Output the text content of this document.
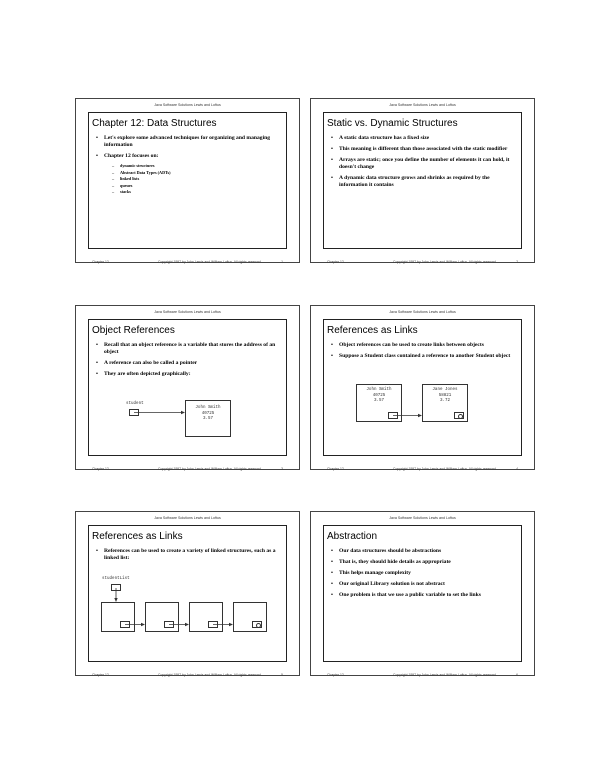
Java Software Solutions Lewis and Loftus
Chapter 12: Data Structures
• Let's explore some advanced techniques for organizing and managing information
• Chapter 12 focuses on:
– dynamic structures
– Abstract Data Types (ADTs)
– linked lists
– queues
– stacks
Chapter 12	Copyright 1997 by John Lewis and William Loftus. All rights reserved.	1
Java Software Solutions Lewis and Loftus
Static vs. Dynamic Structures
• A static data structure has a fixed size
• This meaning is different than those associated with the static modifier
• Arrays are static; once you define the number of elements it can hold, it doesn't change
• A dynamic data structure grows and shrinks as required by the information it contains
Chapter 12	Copyright 1997 by John Lewis and William Loftus. All rights reserved.	2
Java Software Solutions Lewis and Loftus
Object References
• Recall that an object reference is a variable that stores the address of an object
• A reference can also be called a pointer
• They are often depicted graphically:
student
John Smith
40725
3.57
Chapter 12	Copyright 1997 by John Lewis and William Loftus. All rights reserved.	3
Java Software Solutions Lewis and Loftus
References as Links
• Object references can be used to create links between objects
• Suppose a Student class contained a reference to another Student object
John Smith
40725
3.57
Jane Jones
58821
3.72
Chapter 12	Copyright 1997 by John Lewis and William Loftus. All rights reserved.	4
Java Software Solutions Lewis and Loftus
References as Links
• References can be used to create a variety of linked structures, such as a linked list:
studentList
Chapter 12	Copyright 1997 by John Lewis and William Loftus. All rights reserved.	5
Java Software Solutions Lewis and Loftus
Abstraction
• Our data structures should be abstractions
• That is, they should hide details as appropriate
• This helps manage complexity
• Our original Library solution is not abstract
• One problem is that we use a public variable to set the links
Chapter 12	Copyright 1997 by John Lewis and William Loftus. All rights reserved.	6
